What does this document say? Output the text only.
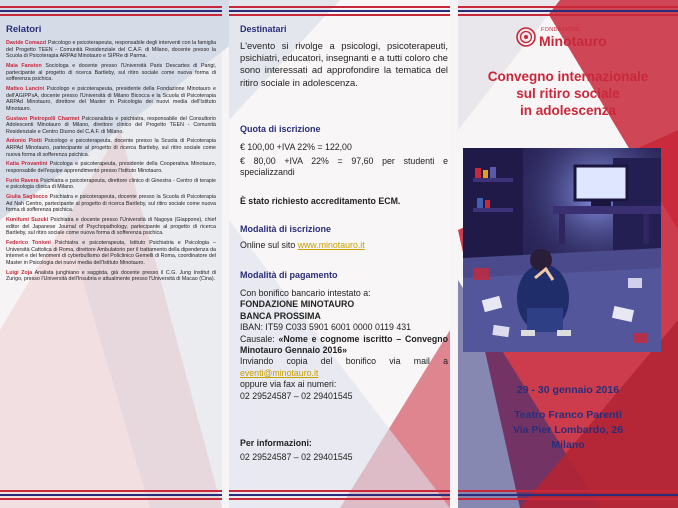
Relatori
Davide Comazzi Psicologo e psicoterapeuta, responsabile degli interventi con la famiglia del Progetto TEEN - Comunità Residenziale del C.A.F. di Milano, docente presso la Scuola di Psicoterapia ARPAd Minotauro e SIPRe di Parma.
Maia Fansten Sociologa e docente presso l'Università Paris Descartes di Parigi, partecipante al progetto di ricerca Bartleby, sul ritiro sociale come nuova forma di sofferenza psichica.
Matteo Lancini Psicologo e psicoterapeuta, presidente della Fondazione Minotauro e dell'AGIPPsA, docente presso l'Università di Milano Bicocca e la Scuola di Psicoterapia ARPAd Minotauro, direttore del Master in Psicologia dei nuovi media dell'Istituto Minotauro.
Gustavo Pietropolli Charmet Psicoanalista e psichiatra, responsabile del Consultorio Adolescenti Minotauro di Milano, direttore clinico del Progetto TEEN - Comunità Residenziale e Centro Diurno del C.A.F. di Milano.
Antonio Piotti Psicologo e psicoterapeuta, docente presso la Scuola di Psicoterapia ARPAd Minotauro, partecipante al progetto di ricerca Bartleby, sul ritiro sociale come nuova forma di sofferenza psichica.
Katia Provantini Psicologa e psicoterapeuta, presidente della Cooperativa Minotauro, responsabile dell'equipe apprendimento presso l'Istituto Minotauro.
Furio Ravera Psichiatra e psicoterapeuta, direttore clinico di Ginestra - Centro di terapie e psicologia clinica di Milano.
Giulia Sagliocco Psichiatra e psicoterapeuta, docente presso la Scuola di Psicoterapia Ad Nah Centro, partecipante al progetto di ricerca Bartleby, sul ritiro sociale come nuova forma di sofferenza psichica.
Kunifumi Suzuki Psichiatra e docente presso l'Università di Nagoya (Giappone), chief editor del Japanese Journal of Psychopathology, partecipante al progetto di ricerca Bartleby, sul ritiro sociale come nuova forma di sofferenza psichica.
Federico Tonioni Psichiatra e psicoterapeuta, Istituto Psichiatria e Psicologia – Università Cattolica di Roma, direttore Ambulatorio per il trattamento della dipendenza da internet e dei fenomeni di cyberbullismo del Policlinico Gemelli di Roma, coordinatore del Master in Psicologia dei nuovi media dell'Istituto Minotauro.
Luigi Zoja Analista junghiano e saggista, già docente presso il C.G. Jung Institut di Zurigo, presso l'Università dell'Insubria e attualmente presso l'Università di Macao (Cina).
Destinatari
L'evento si rivolge a psicologi, psicoterapeuti, psichiatri, educatori, insegnanti e a tutti coloro che sono interessati ad approfondire la tematica del ritiro sociale in adolescenza.
Quota di iscrizione
€ 100,00 +IVA 22% = 122,00
€ 80,00 +IVA 22% = 97,60 per studenti e specializzandi
È stato richiesto accreditamento ECM.
Modalità di iscrizione
Online sul sito www.minotauro.it
Modalità di pagamento
Con bonifico bancario intestato a:
FONDAZIONE MINOTAURO
BANCA PROSSIMA
IBAN: IT59 C033 5901 6001 0000 0119 431
Causale: «Nome e cognome iscritto – Convegno Minotauro Gennaio 2016»
Inviando copia del bonifico via mail a eventi@minotauro.it
oppure via fax ai numeri:
02 29524587 – 02 29401545
Per informazioni:
02 29524587 – 02 29401545
FONDAZIONE
Minotauro
Convegno internazionale
sul ritiro sociale
in adolescenza
29 - 30 gennaio 2016
Teatro Franco Parenti
Via Pier Lombardo, 26
Milano
